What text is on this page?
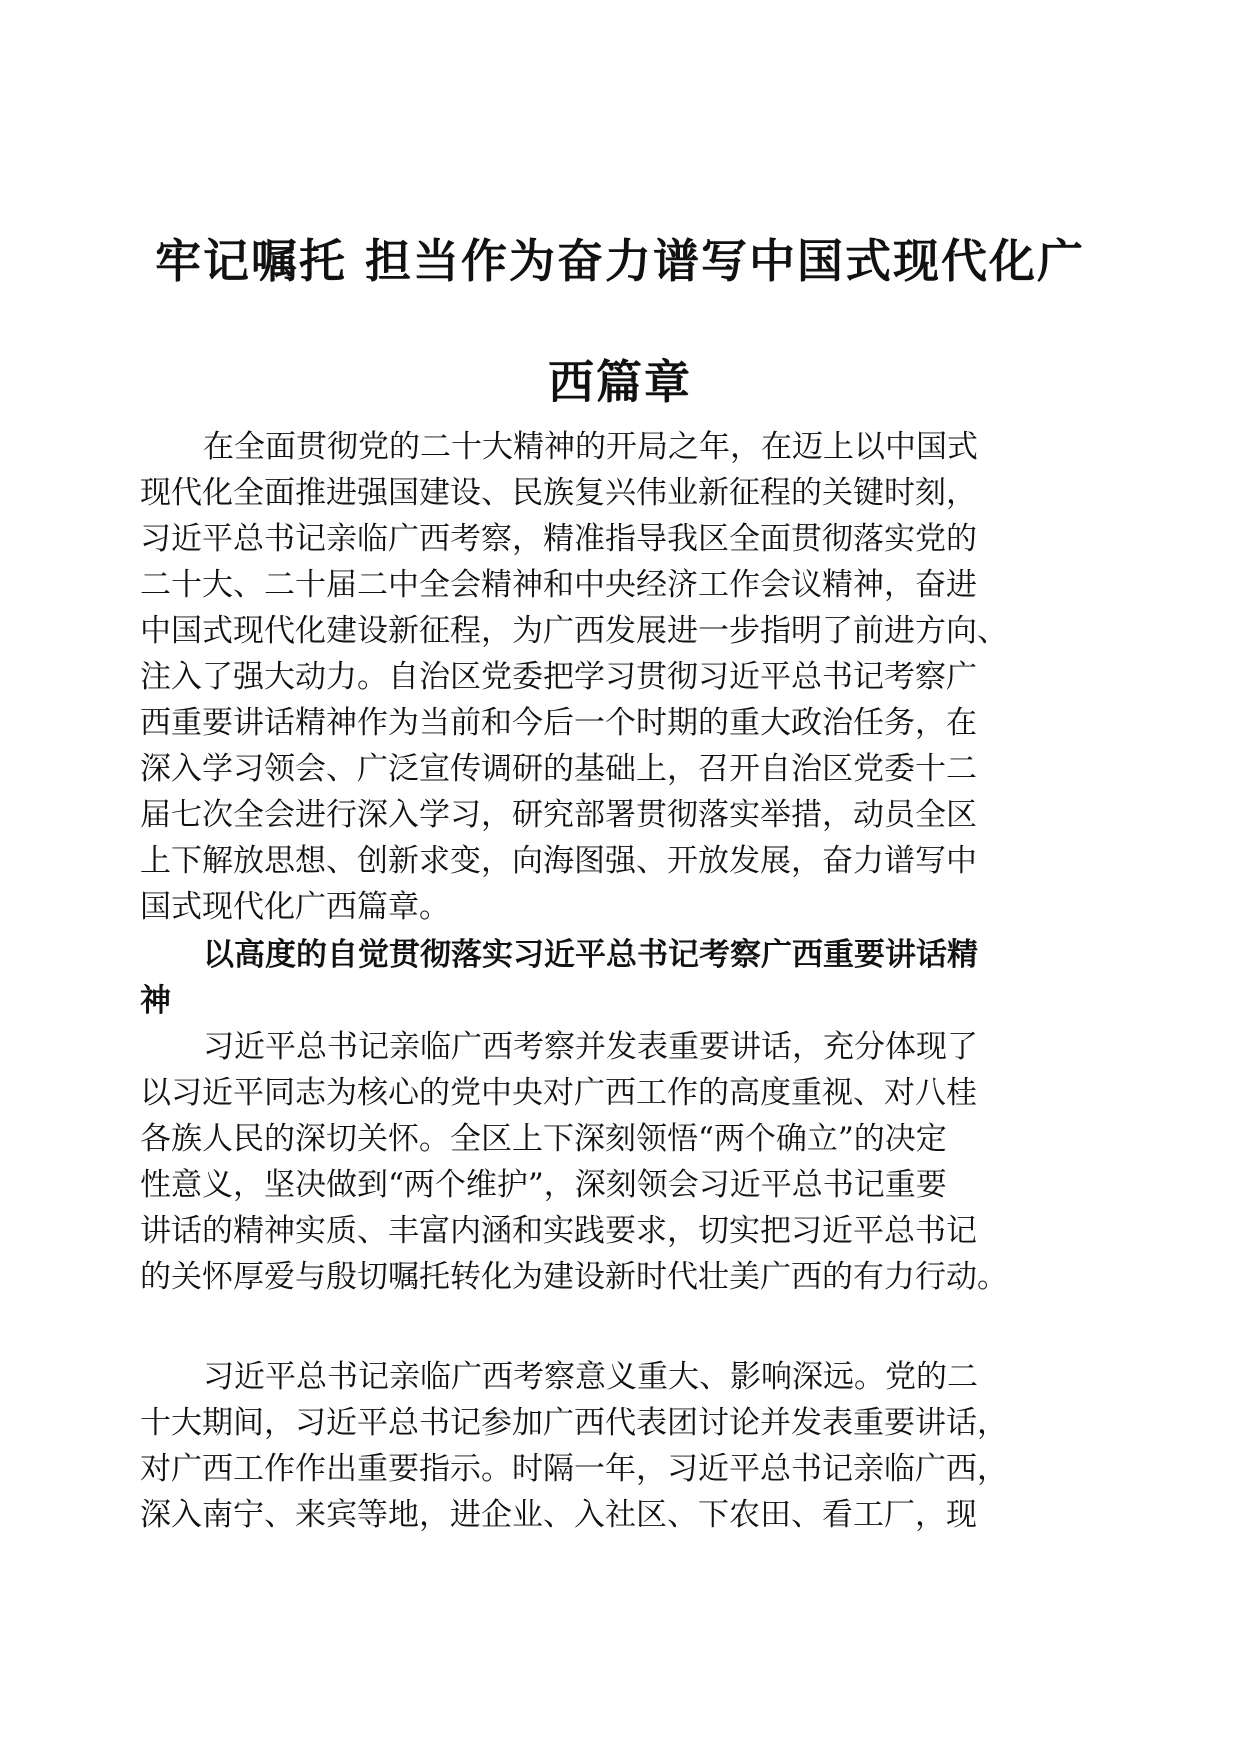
牢记嘱托 担当作为奋力谱写中国式现代化广
西篇章
在全面贯彻党的二十大精神的开局之年，在迈上以中国式
现代化全面推进强国建设、民族复兴伟业新征程的关键时刻，
习近平总书记亲临广西考察，精准指导我区全面贯彻落实党的
二十大、二十届二中全会精神和中央经济工作会议精神，奋进
中国式现代化建设新征程，为广西发展进一步指明了前进方向、
注入了强大动力。自治区党委把学习贯彻习近平总书记考察广
西重要讲话精神作为当前和今后一个时期的重大政治任务，在
深入学习领会、广泛宣传调研的基础上，召开自治区党委十二
届七次全会进行深入学习，研究部署贯彻落实举措，动员全区
上下解放思想、创新求变，向海图强、开放发展，奋力谱写中
国式现代化广西篇章。
以高度的自觉贯彻落实习近平总书记考察广西重要讲话精
神
习近平总书记亲临广西考察并发表重要讲话，充分体现了
以习近平同志为核心的党中央对广西工作的高度重视、对八桂
各族人民的深切关怀。全区上下深刻领悟“两个确立”的决定
性意义，坚决做到“两个维护”，深刻领会习近平总书记重要
讲话的精神实质、丰富内涵和实践要求，切实把习近平总书记
的关怀厚爱与殷切嘱托转化为建设新时代壮美广西的有力行动。
习近平总书记亲临广西考察意义重大、影响深远。党的二
十大期间，习近平总书记参加广西代表团讨论并发表重要讲话，
对广西工作作出重要指示。时隔一年，习近平总书记亲临广西，
深入南宁、来宾等地，进企业、入社区、下农田、看工厂，现
